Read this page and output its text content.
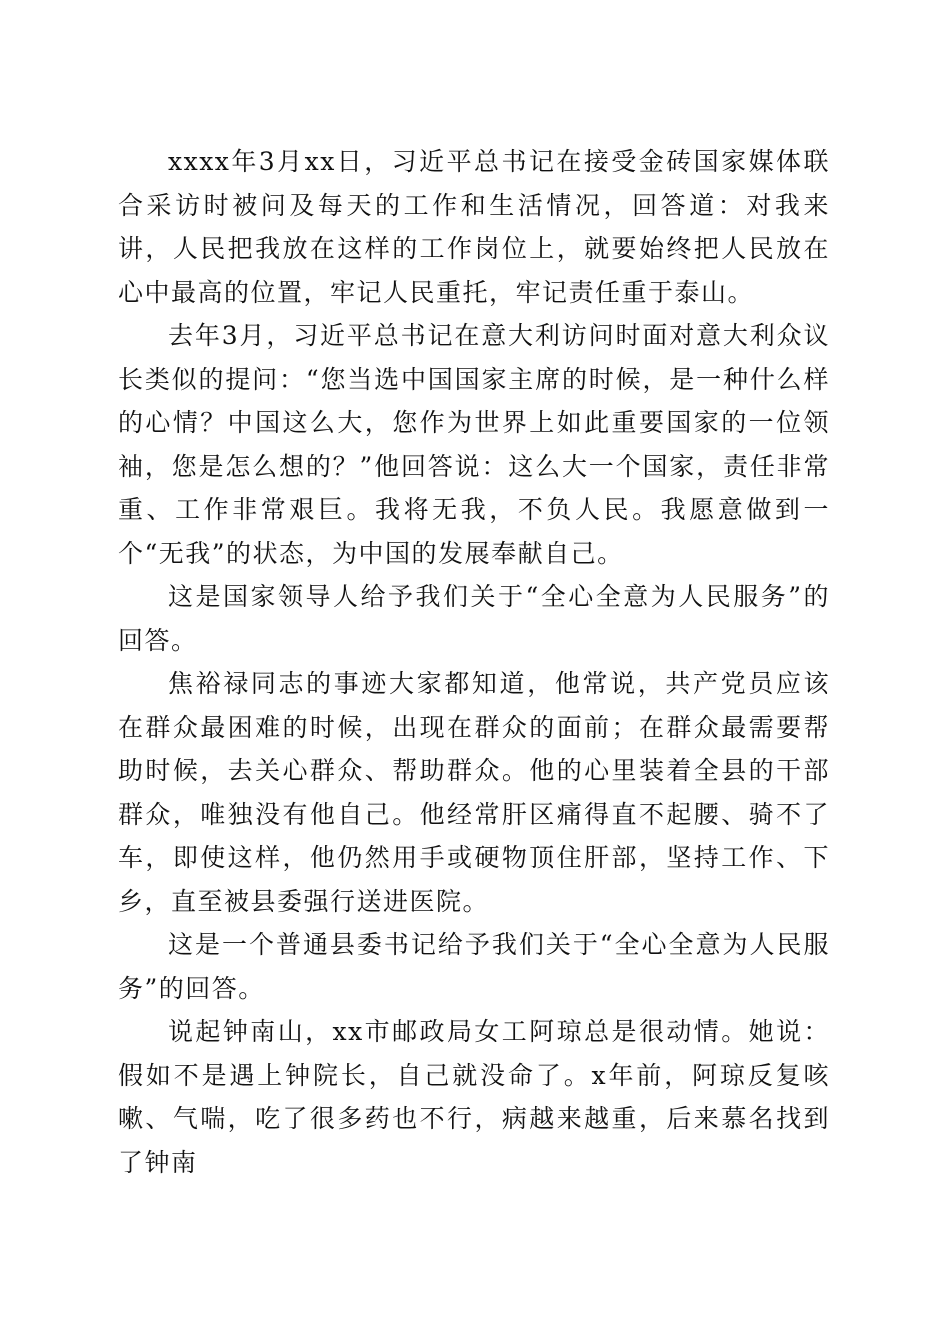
xxxx年3月xx日，习近平总书记在接受金砖国家媒体联合采访时被问及每天的工作和生活情况，回答道：对我来讲，人民把我放在这样的工作岗位上，就要始终把人民放在心中最高的位置，牢记人民重托，牢记责任重于泰山。

去年3月，习近平总书记在意大利访问时面对意大利众议长类似的提问：“您当选中国国家主席的时候，是一种什么样的心情？中国这么大，您作为世界上如此重要国家的一位领袖，您是怎么想的？”他回答说：这么大一个国家，责任非常重、工作非常艰巨。我将无我，不负人民。我愿意做到一个“无我”的状态，为中国的发展奉献自己。

这是国家领导人给予我们关于“全心全意为人民服务”的回答。

焦裕禄同志的事迹大家都知道，他常说，共产党员应该在群众最困难的时候，出现在群众的面前；在群众最需要帮助时候，去关心群众、帮助群众。他的心里装着全县的干部群众，唯独没有他自己。他经常肝区痛得直不起腰、骑不了车，即使这样，他仍然用手或硬物顶住肝部，坚持工作、下乡，直至被县委强行送进医院。

这是一个普通县委书记给予我们关于“全心全意为人民服务”的回答。

说起钟南山，xx市邮政局女工阿琼总是很动情。她说：假如不是遇上钟院长，自己就没命了。x年前，阿琼反复咳嗽、气喘，吃了很多药也不行，病越来越重，后来慕名找到了钟南
